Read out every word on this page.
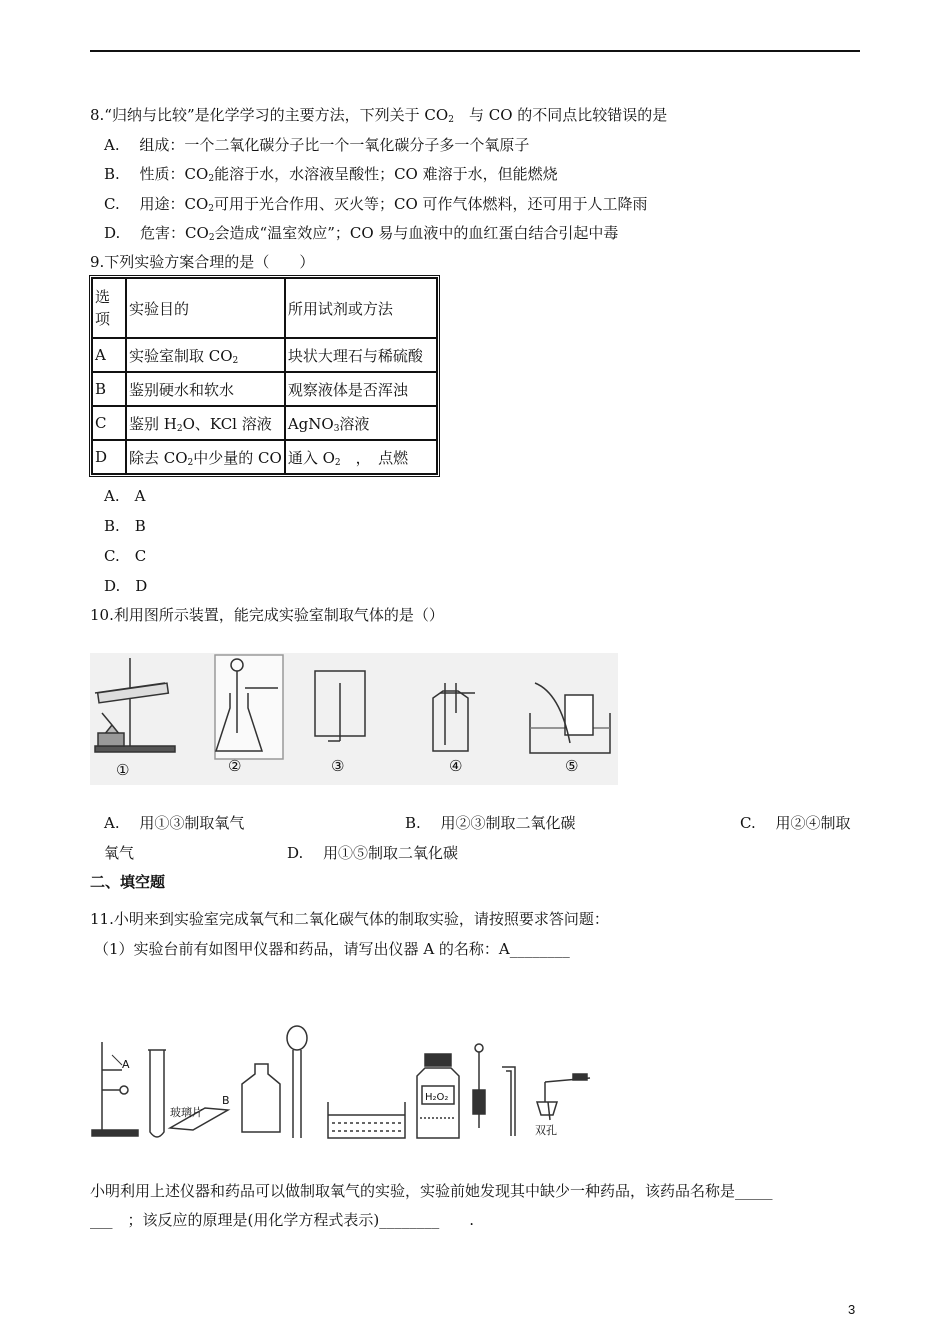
8.“归纳与比较”是化学学习的主要方法，下列关于 $CO_2$　 与 CO 的不同点比较错误的是
A.　 组成：一个二氧化碳分子比一个一氧化碳分子多一个氧原子
B.　 性质：$CO_2$能溶于水，水溶液呈酸性；CO 难溶于水，但能燃烧
C.　 用途：$CO_2$可用于光合作用、灭火等；CO 可作气体燃料，还可用于人工降雨
D.　 危害：$CO_2$会造成“温室效应”；CO 易与血液中的血红蛋白结合引起中毒
9.下列实验方案合理的是（　　）
选
项	实验目的	所用试剂或方法
A	实验室制取 $CO_2$	块状大理石与稀硫酸
B	鉴别硬水和软水	观察液体是否浑浊
C	鉴别 $H_2O$、KCl 溶液	AgNO$_3$溶液
D	除去 $CO_2$中少量的 CO	通入 $O_2$　，　点燃
A.　A
B.　B
C.　C
D.　D
10.利用图所示装置，能完成实验室制取气体的是（）
①	②	③	④	⑤
A.　 用①③制取氧气	B.　 用②③制取二氧化碳	C.　 用②④制取
氧气	D.　 用①⑤制取二氧化碳
二、填空题
11.小明来到实验室完成氧气和二氧化碳气体的制取实验，请按照要求答问题：
（1）实验台前有如图甲仪器和药品，请写出仪器 A 的名称：A________
A
玻璃片
B	H₂O₂
双孔
小明利用上述仪器和药品可以做制取氧气的实验，实验前她发现其中缺少一种药品，该药品名称是_____
___　；该反应的原理是(用化学方程式表示)________　　.
3
